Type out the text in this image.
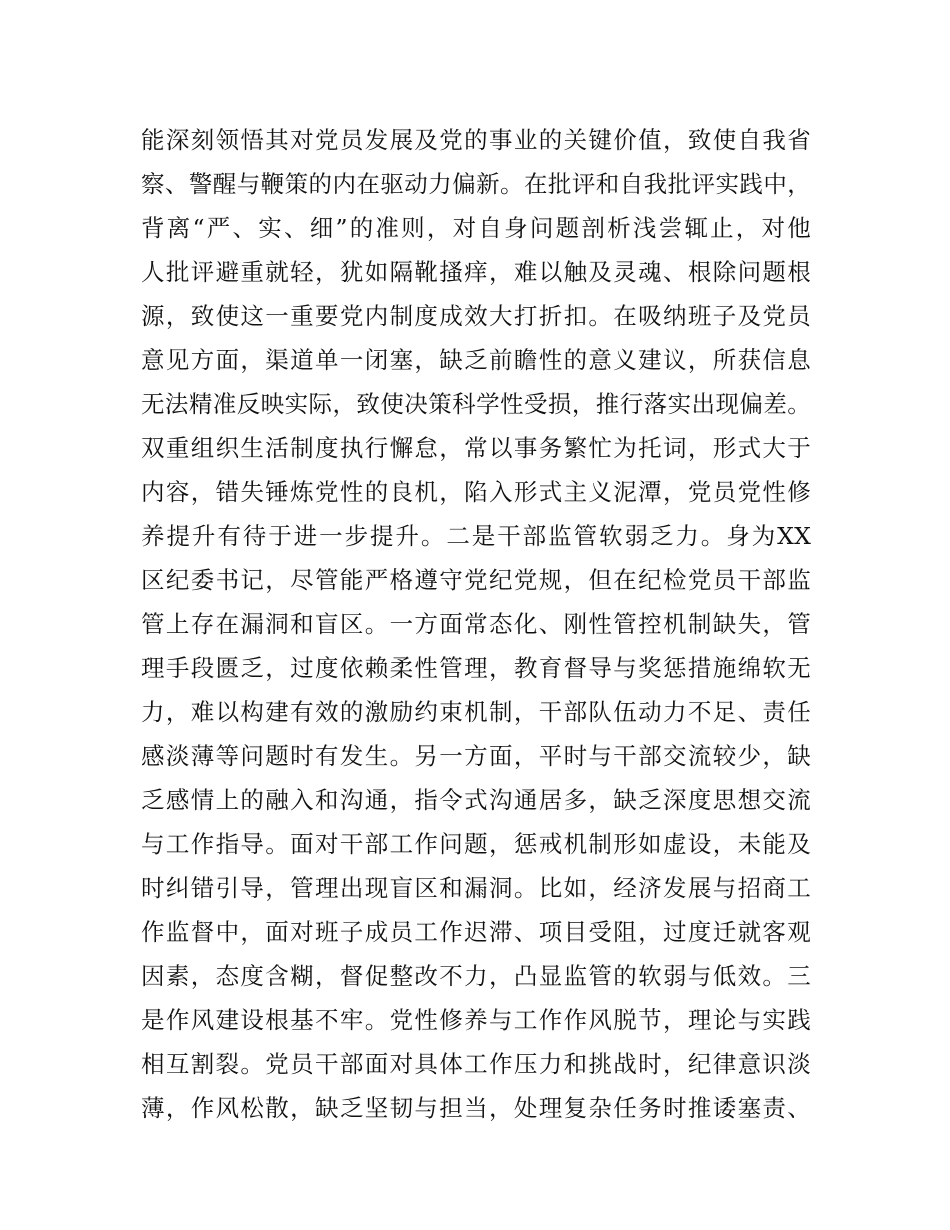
能深刻领悟其对党员发展及党的事业的关键价值，致使自我省
察、警醒与鞭策的内在驱动力偏新。在批评和自我批评实践中，
背离“严、实、细”的准则，对自身问题剖析浅尝辄止，对他
人批评避重就轻，犹如隔靴搔痒，难以触及灵魂、根除问题根
源，致使这一重要党内制度成效大打折扣。在吸纳班子及党员
意见方面，渠道单一闭塞，缺乏前瞻性的意义建议，所获信息
无法精准反映实际，致使决策科学性受损，推行落实出现偏差。
双重组织生活制度执行懈怠，常以事务繁忙为托词，形式大于
内容，错失锤炼党性的良机，陷入形式主义泥潭，党员党性修
养提升有待于进一步提升。二是干部监管软弱乏力。身为XX
区纪委书记，尽管能严格遵守党纪党规，但在纪检党员干部监
管上存在漏洞和盲区。一方面常态化、刚性管控机制缺失，管
理手段匮乏，过度依赖柔性管理，教育督导与奖惩措施绵软无
力，难以构建有效的激励约束机制，干部队伍动力不足、责任
感淡薄等问题时有发生。另一方面，平时与干部交流较少，缺
乏感情上的融入和沟通，指令式沟通居多，缺乏深度思想交流
与工作指导。面对干部工作问题，惩戒机制形如虚设，未能及
时纠错引导，管理出现盲区和漏洞。比如，经济发展与招商工
作监督中，面对班子成员工作迟滞、项目受阻，过度迁就客观
因素，态度含糊，督促整改不力，凸显监管的软弱与低效。三
是作风建设根基不牢。党性修养与工作作风脱节，理论与实践
相互割裂。党员干部面对具体工作压力和挑战时，纪律意识淡
薄，作风松散，缺乏坚韧与担当，处理复杂任务时推诿塞责、
